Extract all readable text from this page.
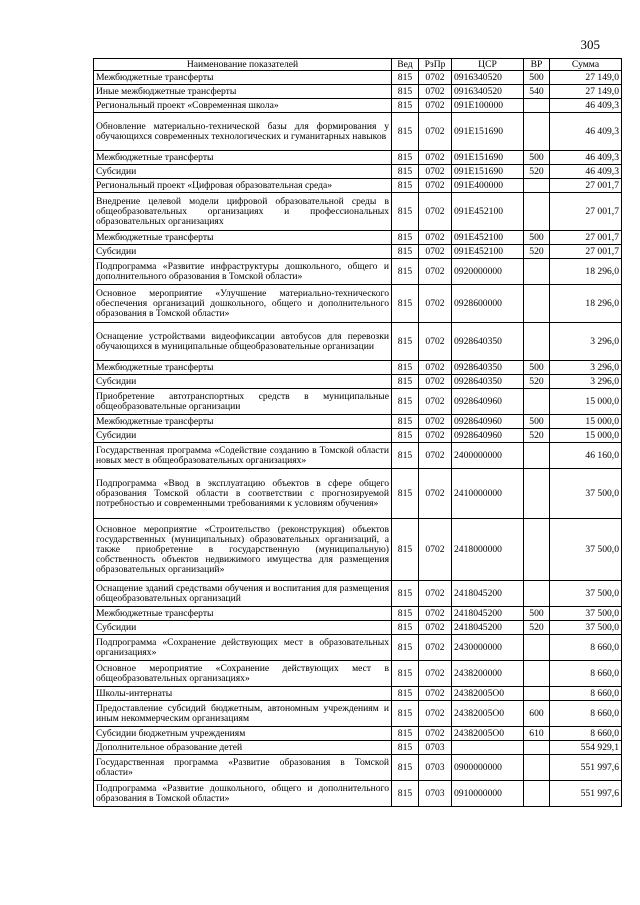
305
Наименование показателей	Вед	РзПр	ЦСР	ВР	Сумма
Межбюджетные трансферты	815	0702	0916340520	500	27 149,0
Иные межбюджетные трансферты	815	0702	0916340520	540	27 149,0
Региональный проект «Современная школа»	815	0702	091E100000		46 409,3
Обновление материально-технической базы для формирования у обучающихся современных технологических и гуманитарных навыков	815	0702	091E151690		46 409,3
Межбюджетные трансферты	815	0702	091E151690	500	46 409,3
Субсидии	815	0702	091E151690	520	46 409,3
Региональный проект «Цифровая образовательная среда»	815	0702	091E400000		27 001,7
Внедрение целевой модели цифровой образовательной среды в общеобразовательных организациях и профессиональных образовательных организациях	815	0702	091E452100		27 001,7
Межбюджетные трансферты	815	0702	091E452100	500	27 001,7
Субсидии	815	0702	091E452100	520	27 001,7
Подпрограмма «Развитие инфраструктуры дошкольного, общего и дополнительного образования в Томской области»	815	0702	0920000000		18 296,0
Основное мероприятие «Улучшение материально-технического обеспечения организаций дошкольного, общего и дополнительного образования в Томской области»	815	0702	0928600000		18 296,0
Оснащение устройствами видеофиксации автобусов для перевозки обучающихся в муниципальные общеобразовательные организации	815	0702	0928640350		3 296,0
Межбюджетные трансферты	815	0702	0928640350	500	3 296,0
Субсидии	815	0702	0928640350	520	3 296,0
Приобретение автотранспортных средств в муниципальные общеобразовательные организации	815	0702	0928640960		15 000,0
Межбюджетные трансферты	815	0702	0928640960	500	15 000,0
Субсидии	815	0702	0928640960	520	15 000,0
Государственная программа «Содействие созданию в Томской области новых мест в общеобразовательных организациях»	815	0702	2400000000		46 160,0
Подпрограмма «Ввод в эксплуатацию объектов в сфере общего образования Томской области в соответствии с прогнозируемой потребностью и современными требованиями к условиям обучения»	815	0702	2410000000		37 500,0
Основное мероприятие «Строительство (реконструкция) объектов государственных (муниципальных) образовательных организаций, а также приобретение в государственную (муниципальную) собственность объектов недвижимого имущества для размещения образовательных организаций»	815	0702	2418000000		37 500,0
Оснащение зданий средствами обучения и воспитания для размещения общеобразовательных организаций	815	0702	2418045200		37 500,0
Межбюджетные трансферты	815	0702	2418045200	500	37 500,0
Субсидии	815	0702	2418045200	520	37 500,0
Подпрограмма «Сохранение действующих мест в образовательных организациях»	815	0702	2430000000		8 660,0
Основное мероприятие «Сохранение действующих мест в общеобразовательных организациях»	815	0702	2438200000		8 660,0
Школы-интернаты	815	0702	24382005О0		8 660,0
Предоставление субсидий бюджетным, автономным учреждениям и иным некоммерческим организациям	815	0702	24382005О0	600	8 660,0
Субсидии бюджетным учреждениям	815	0702	24382005О0	610	8 660,0
Дополнительное образование детей	815	0703			554 929,1
Государственная программа «Развитие образования в Томской области»	815	0703	0900000000		551 997,6
Подпрограмма «Развитие дошкольного, общего и дополнительного образования в Томской области»	815	0703	0910000000		551 997,6
